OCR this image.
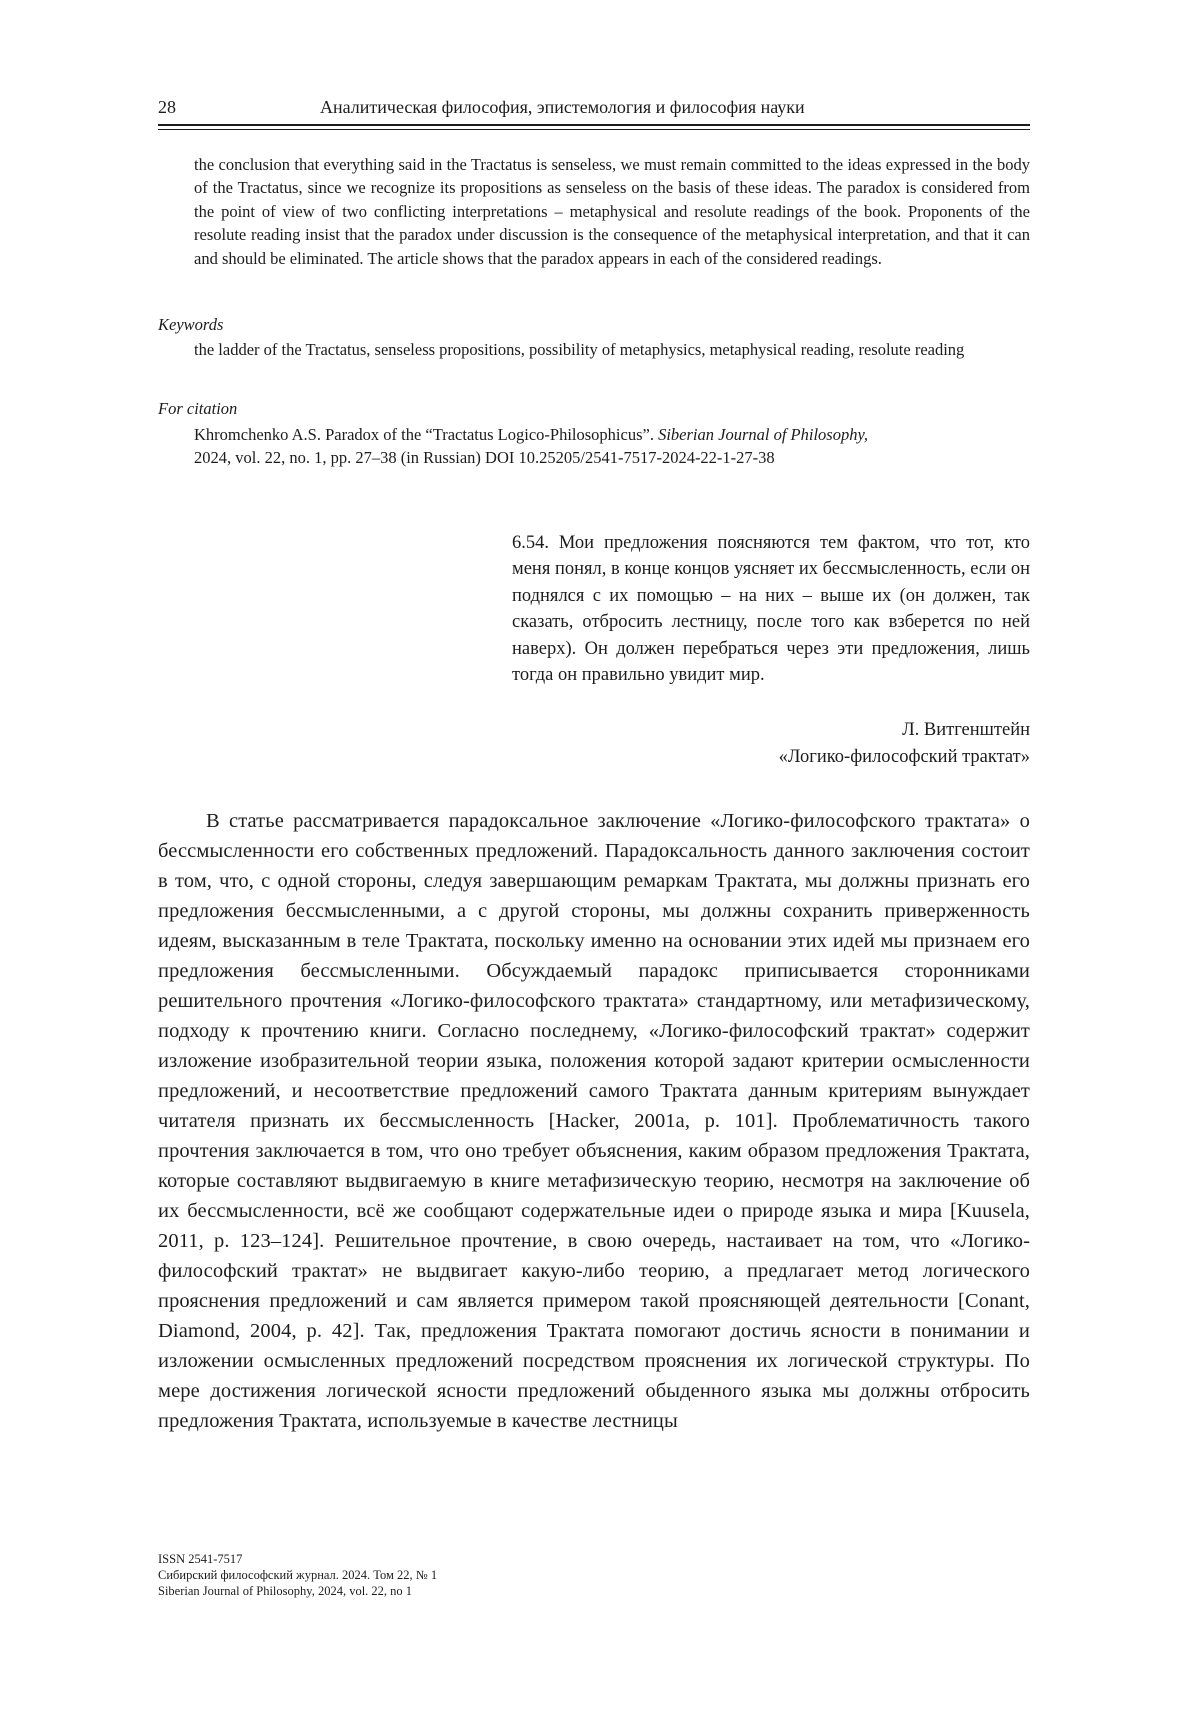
28	Аналитическая философия, эпистемология и философия науки

the conclusion that everything said in the Tractatus is senseless, we must remain committed to the ideas expressed in the body of the Tractatus, since we recognize its propositions as senseless on the basis of these ideas. The paradox is considered from the point of view of two conflicting interpretations – metaphysical and resolute readings of the book. Proponents of the resolute reading insist that the paradox under discussion is the consequence of the metaphysical interpretation, and that it can and should be eliminated. The article shows that the paradox appears in each of the considered readings.

Keywords

the ladder of the Tractatus, senseless propositions, possibility of metaphysics, metaphysical reading, resolute reading

For citation
Khromchenko A.S. Paradox of the “Tractatus Logico-Philosophicus”. Siberian Journal of Philosophy,
2024, vol. 22, no. 1, pp. 27–38 (in Russian) DOI 10.25205/2541-7517-2024-22-1-27-38

6.54. Мои предложения поясняются тем фактом, что тот, кто меня понял, в конце концов уясняет их бессмысленность, если он поднялся с их помощью – на них – выше их (он должен, так сказать, отбросить лестницу, после того как взберется по ней наверх). Он должен перебраться через эти предложения, лишь тогда он правильно увидит мир.

Л. Витгенштейн
«Логико-философский трактат»

В статье рассматривается парадоксальное заключение «Логико-философского трактата» о бессмысленности его собственных предложений. Парадоксальность данного заключения состоит в том, что, с одной стороны, следуя завершающим ремаркам Трактата, мы должны признать его предложения бессмысленными, а с другой стороны, мы должны сохранить приверженность идеям, высказанным в теле Трактата, поскольку именно на основании этих идей мы признаем его предложения бессмысленными. Обсуждаемый парадокс приписывается сторонниками решительного прочтения «Логико-философского трактата» стандартному, или метафизическому, подходу к прочтению книги. Согласно последнему, «Логико-философский трактат» содержит изложение изобразительной теории языка, положения которой задают критерии осмысленности предложений, и несоответствие предложений самого Трактата данным критериям вынуждает читателя признать их бессмысленность [Hacker, 2001a, p. 101]. Проблематичность такого прочтения заключается в том, что оно требует объяснения, каким образом предложения Трактата, которые составляют выдвигаемую в книге метафизическую теорию, несмотря на заключение об их бессмысленности, всё же сообщают содержательные идеи о природе языка и мира [Kuusela, 2011, p. 123–124]. Решительное прочтение, в свою очередь, настаивает на том, что «Логико-философский трактат» не выдвигает какую-либо теорию, а предлагает метод логического прояснения предложений и сам является примером такой проясняющей деятельности [Conant, Diamond, 2004, p. 42]. Так, предложения Трактата помогают достичь ясности в понимании и изложении осмысленных предложений посредством прояснения их логической структуры. По мере достижения логической ясности предложений обыденного языка мы должны отбросить предложения Трактата, используемые в качестве лестницы

ISSN 2541-7517
Сибирский философский журнал. 2024. Том 22, № 1
Siberian Journal of Philosophy, 2024, vol. 22, no 1
